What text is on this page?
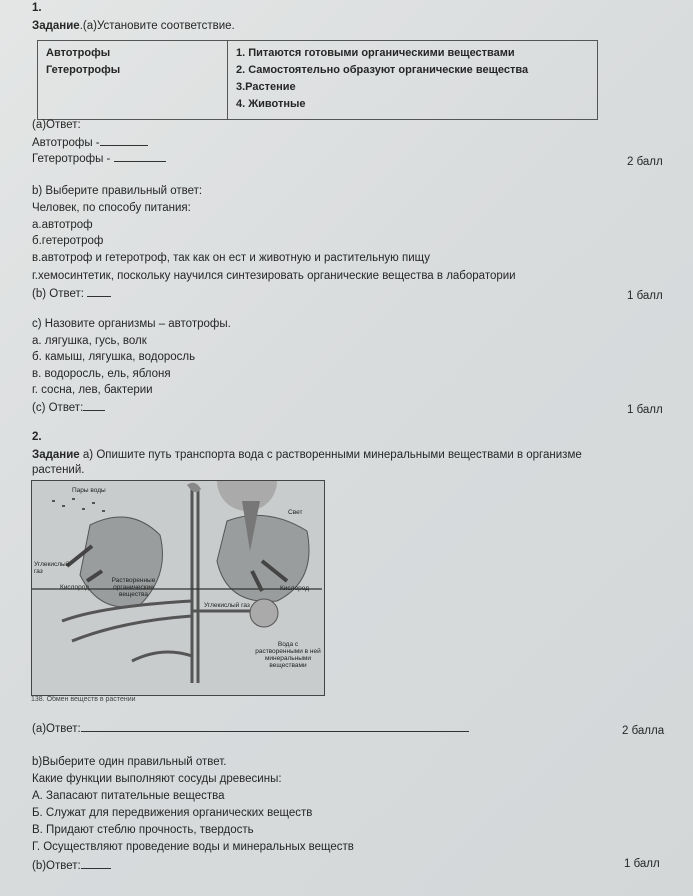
1.
Задание.(а)Установите соответствие.
Автотрофы
Гетеротрофы

1. Питаются готовыми органическими веществами
2. Самостоятельно образуют органические вещества
3.Растение
4. Животные
(а)Ответ:
Автотрофы -
Гетеротрофы -	2 балл
b) Выберите правильный ответ:
Человек, по способу питания:
а.автотроф
б.гетеротроф
в.автотроф и гетеротроф, так как он ест и животную и растительную пищу
г.хемосинтетик, поскольку научился синтезировать органические вещества в лаборатории
(b) Ответ:	1 балл
c) Назовите организмы – автотрофы.
а. лягушка, гусь, волк
б. камыш, лягушка, водоросль
в. водоросль, ель, яблоня
г. сосна, лев, бактерии
(c) Ответ:	1 балл
2.
Задание а) Опишите путь транспорта вода с растворенными минеральными веществами в организме
растений.
Пары воды
Свет
Углекислый газ
Кислород
Растворенные органические вещества
Кислород
Углекислый газ
Вода с растворенными в ней минеральными веществами
138. Обмен веществ в растении
(а)Ответ:	2 балла
b)Выберите один правильный ответ.
Какие функции выполняют сосуды древесины:
А. Запасают питательные вещества
Б. Служат для передвижения органических веществ
В. Придают стеблю прочность, твердость
Г. Осуществляют проведение воды и минеральных веществ
(b)Ответ:	1 балл
